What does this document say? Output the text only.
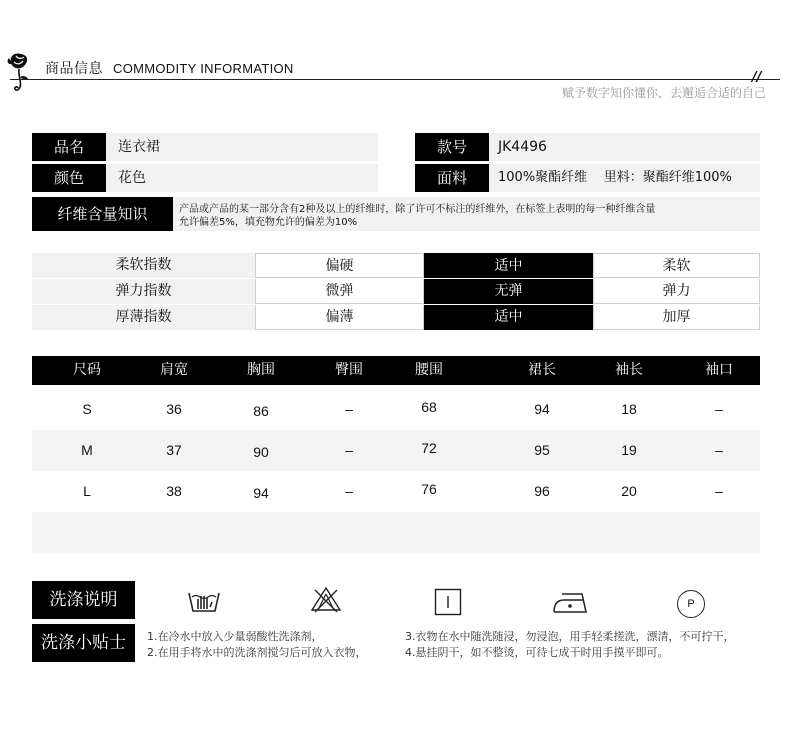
商品信息 COMMODITY INFORMATION
//
赋予数字知你懂你，去邂逅合适的自己
品名	连衣裙
颜色	花色
款号	JK4496
面料	100%聚酯纤维    里料：聚酯纤维100%
纤维含量知识	产品或产品的某一部分含有2种及以上的纤维时，除了许可不标注的纤维外，在标签上表明的每一种纤维含量
允许偏差5%，填充物允许的偏差为10%
柔软指数	偏硬	适中	柔软
弹力指数	微弹	无弹	弹力
厚薄指数	偏薄	适中	加厚
尺码	肩宽	胸围	臀围	腰围	裙长	袖长	袖口
S	36	86	–	68	94	18	–
M	37	90	–	72	95	19	–
L	38	94	–	76	96	20	–
洗涤说明
洗涤小贴士
P
1.在冷水中放入少量弱酸性洗涤剂，
2.在用手将水中的洗涤剂搅匀后可放入衣物，
3.衣物在水中随洗随浸，勿浸泡，用手轻柔搓洗，漂清，不可拧干，
4.悬挂阴干，如不整烫，可待七成干时用手摸平即可。
